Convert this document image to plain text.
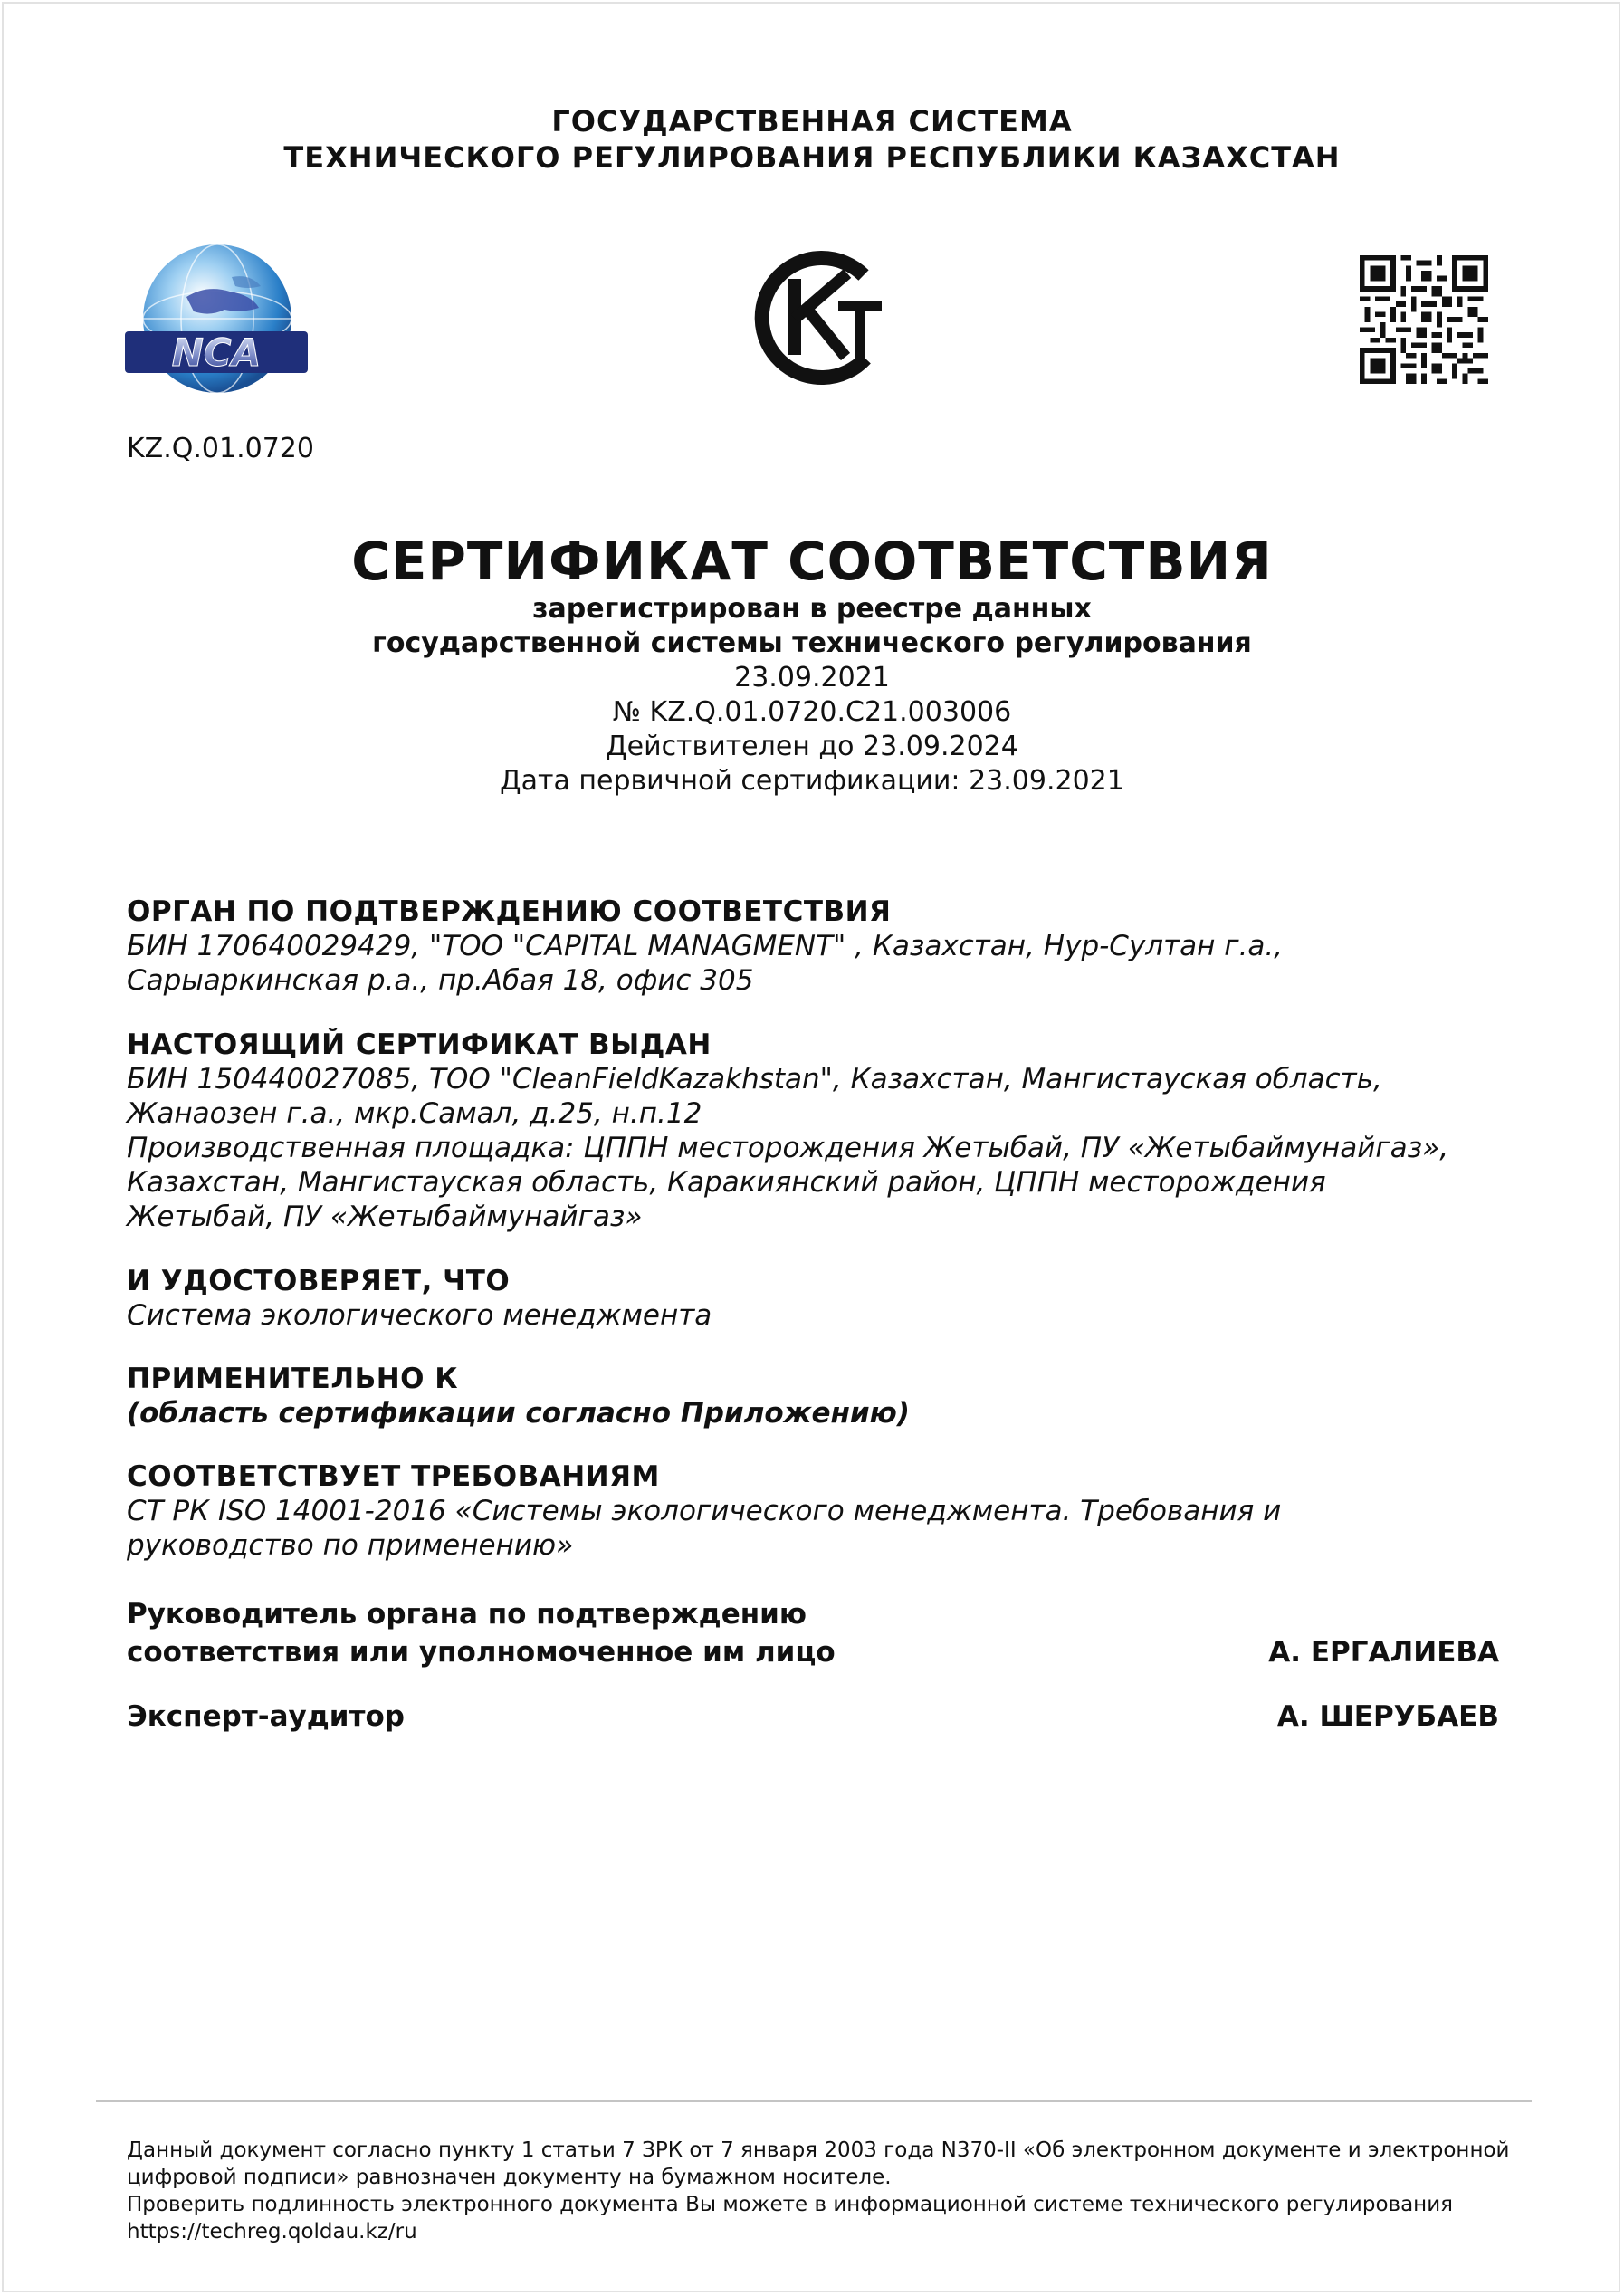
ГОСУДАРСТВЕННАЯ СИСТЕМА
ТЕХНИЧЕСКОГО РЕГУЛИРОВАНИЯ РЕСПУБЛИКИ КАЗАХСТАН
NCA
KZ.Q.01.0720
СЕРТИФИКАТ СООТВЕТСТВИЯ
зарегистрирован в реестре данных
государственной системы технического регулирования
23.09.2021
№ KZ.Q.01.0720.С21.003006
Действителен до 23.09.2024
Дата первичной сертификации: 23.09.2021
ОРГАН ПО ПОДТВЕРЖДЕНИЮ СООТВЕТСТВИЯ
БИН 170640029429, "ТОО "CAPITAL MANAGMENT" , Казахстан, Нур-Султан г.а.,
Сарыаркинская р.а., пр.Абая 18, офис 305
НАСТОЯЩИЙ СЕРТИФИКАТ ВЫДАН
БИН 150440027085, ТОО "CleanFieldKazakhstan", Казахстан, Мангистауская область,
Жанаозен г.а., мкр.Самал, д.25, н.п.12
Производственная площадка: ЦППН месторождения Жетыбай, ПУ «Жетыбаймунайгаз»,
Казахстан, Мангистауская область, Каракиянский район, ЦППН месторождения
Жетыбай, ПУ «Жетыбаймунайгаз»
И УДОСТОВЕРЯЕТ, ЧТО
Система экологического менеджмента
ПРИМЕНИТЕЛЬНО К
(область сертификации согласно Приложению)
СООТВЕТСТВУЕТ ТРЕБОВАНИЯМ
СТ РК ISO 14001-2016 «Системы экологического менеджмента. Требования и
руководство по применению»
Руководитель органа по подтверждению
соответствия или уполномоченное им лицо	А. ЕРГАЛИЕВА
Эксперт-аудитор	А. ШЕРУБАЕВ
Данный документ согласно пункту 1 статьи 7 ЗРК от 7 января 2003 года N370-II «Об электронном документе и электронной
цифровой подписи» равнозначен документу на бумажном носителе.
Проверить подлинность электронного документа Вы можете в информационной системе технического регулирования
https://techreg.qoldau.kz/ru
